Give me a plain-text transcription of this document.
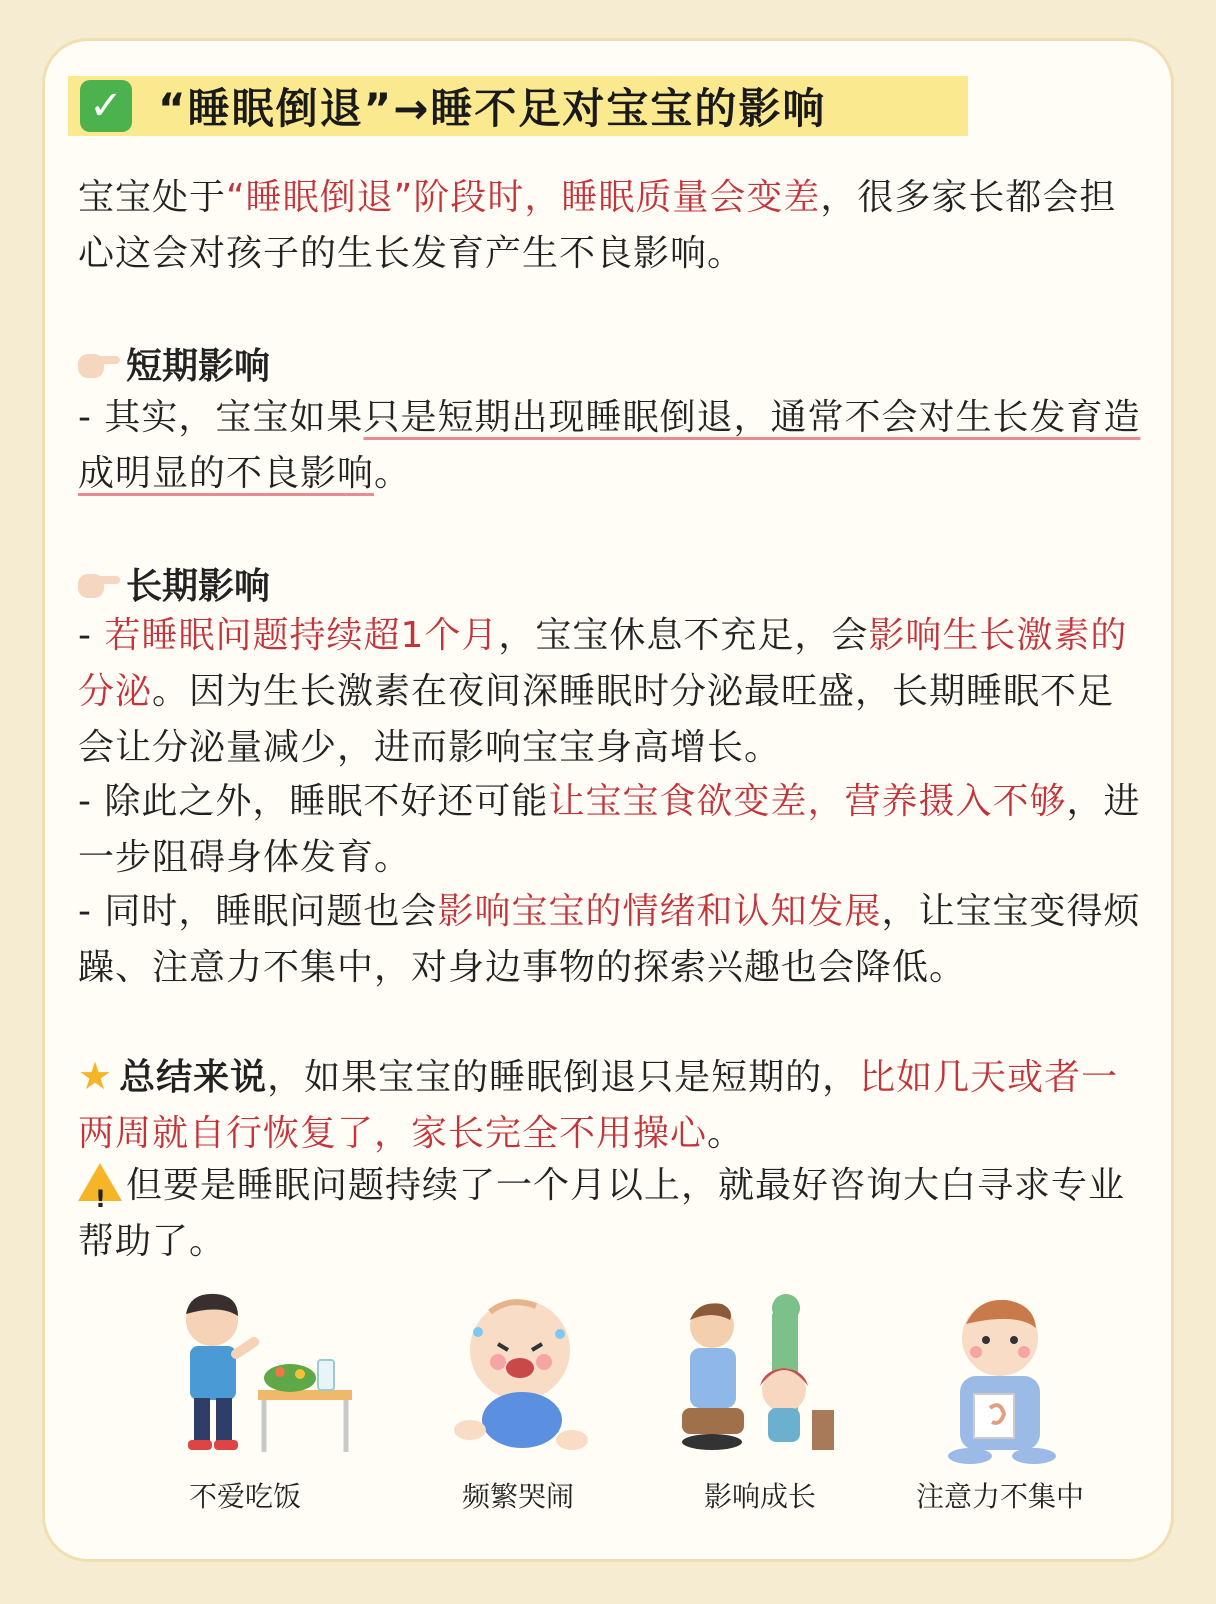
✓ “睡眠倒退”→睡不足对宝宝的影响
宝宝处于“睡眠倒退”阶段时，睡眠质量会变差，很多家长都会担心这会对孩子的生长发育产生不良影响。
短期影响
- 其实，宝宝如果只是短期出现睡眠倒退，通常不会对生长发育造成明显的不良影响。
长期影响
- 若睡眠问题持续超1个月，宝宝休息不充足，会影响生长激素的分泌。因为生长激素在夜间深睡眠时分泌最旺盛，长期睡眠不足会让分泌量减少，进而影响宝宝身高增长。
- 除此之外，睡眠不好还可能让宝宝食欲变差，营养摄入不够，进一步阻碍身体发育。
- 同时，睡眠问题也会影响宝宝的情绪和认知发展，让宝宝变得烦躁、注意力不集中，对身边事物的探索兴趣也会降低。
★ 总结来说，如果宝宝的睡眠倒退只是短期的，比如几天或者一两周就自行恢复了，家长完全不用操心。
! 但要是睡眠问题持续了一个月以上，就最好咨询大白寻求专业帮助了。
不爱吃饭	频繁哭闹	影响成长	注意力不集中
